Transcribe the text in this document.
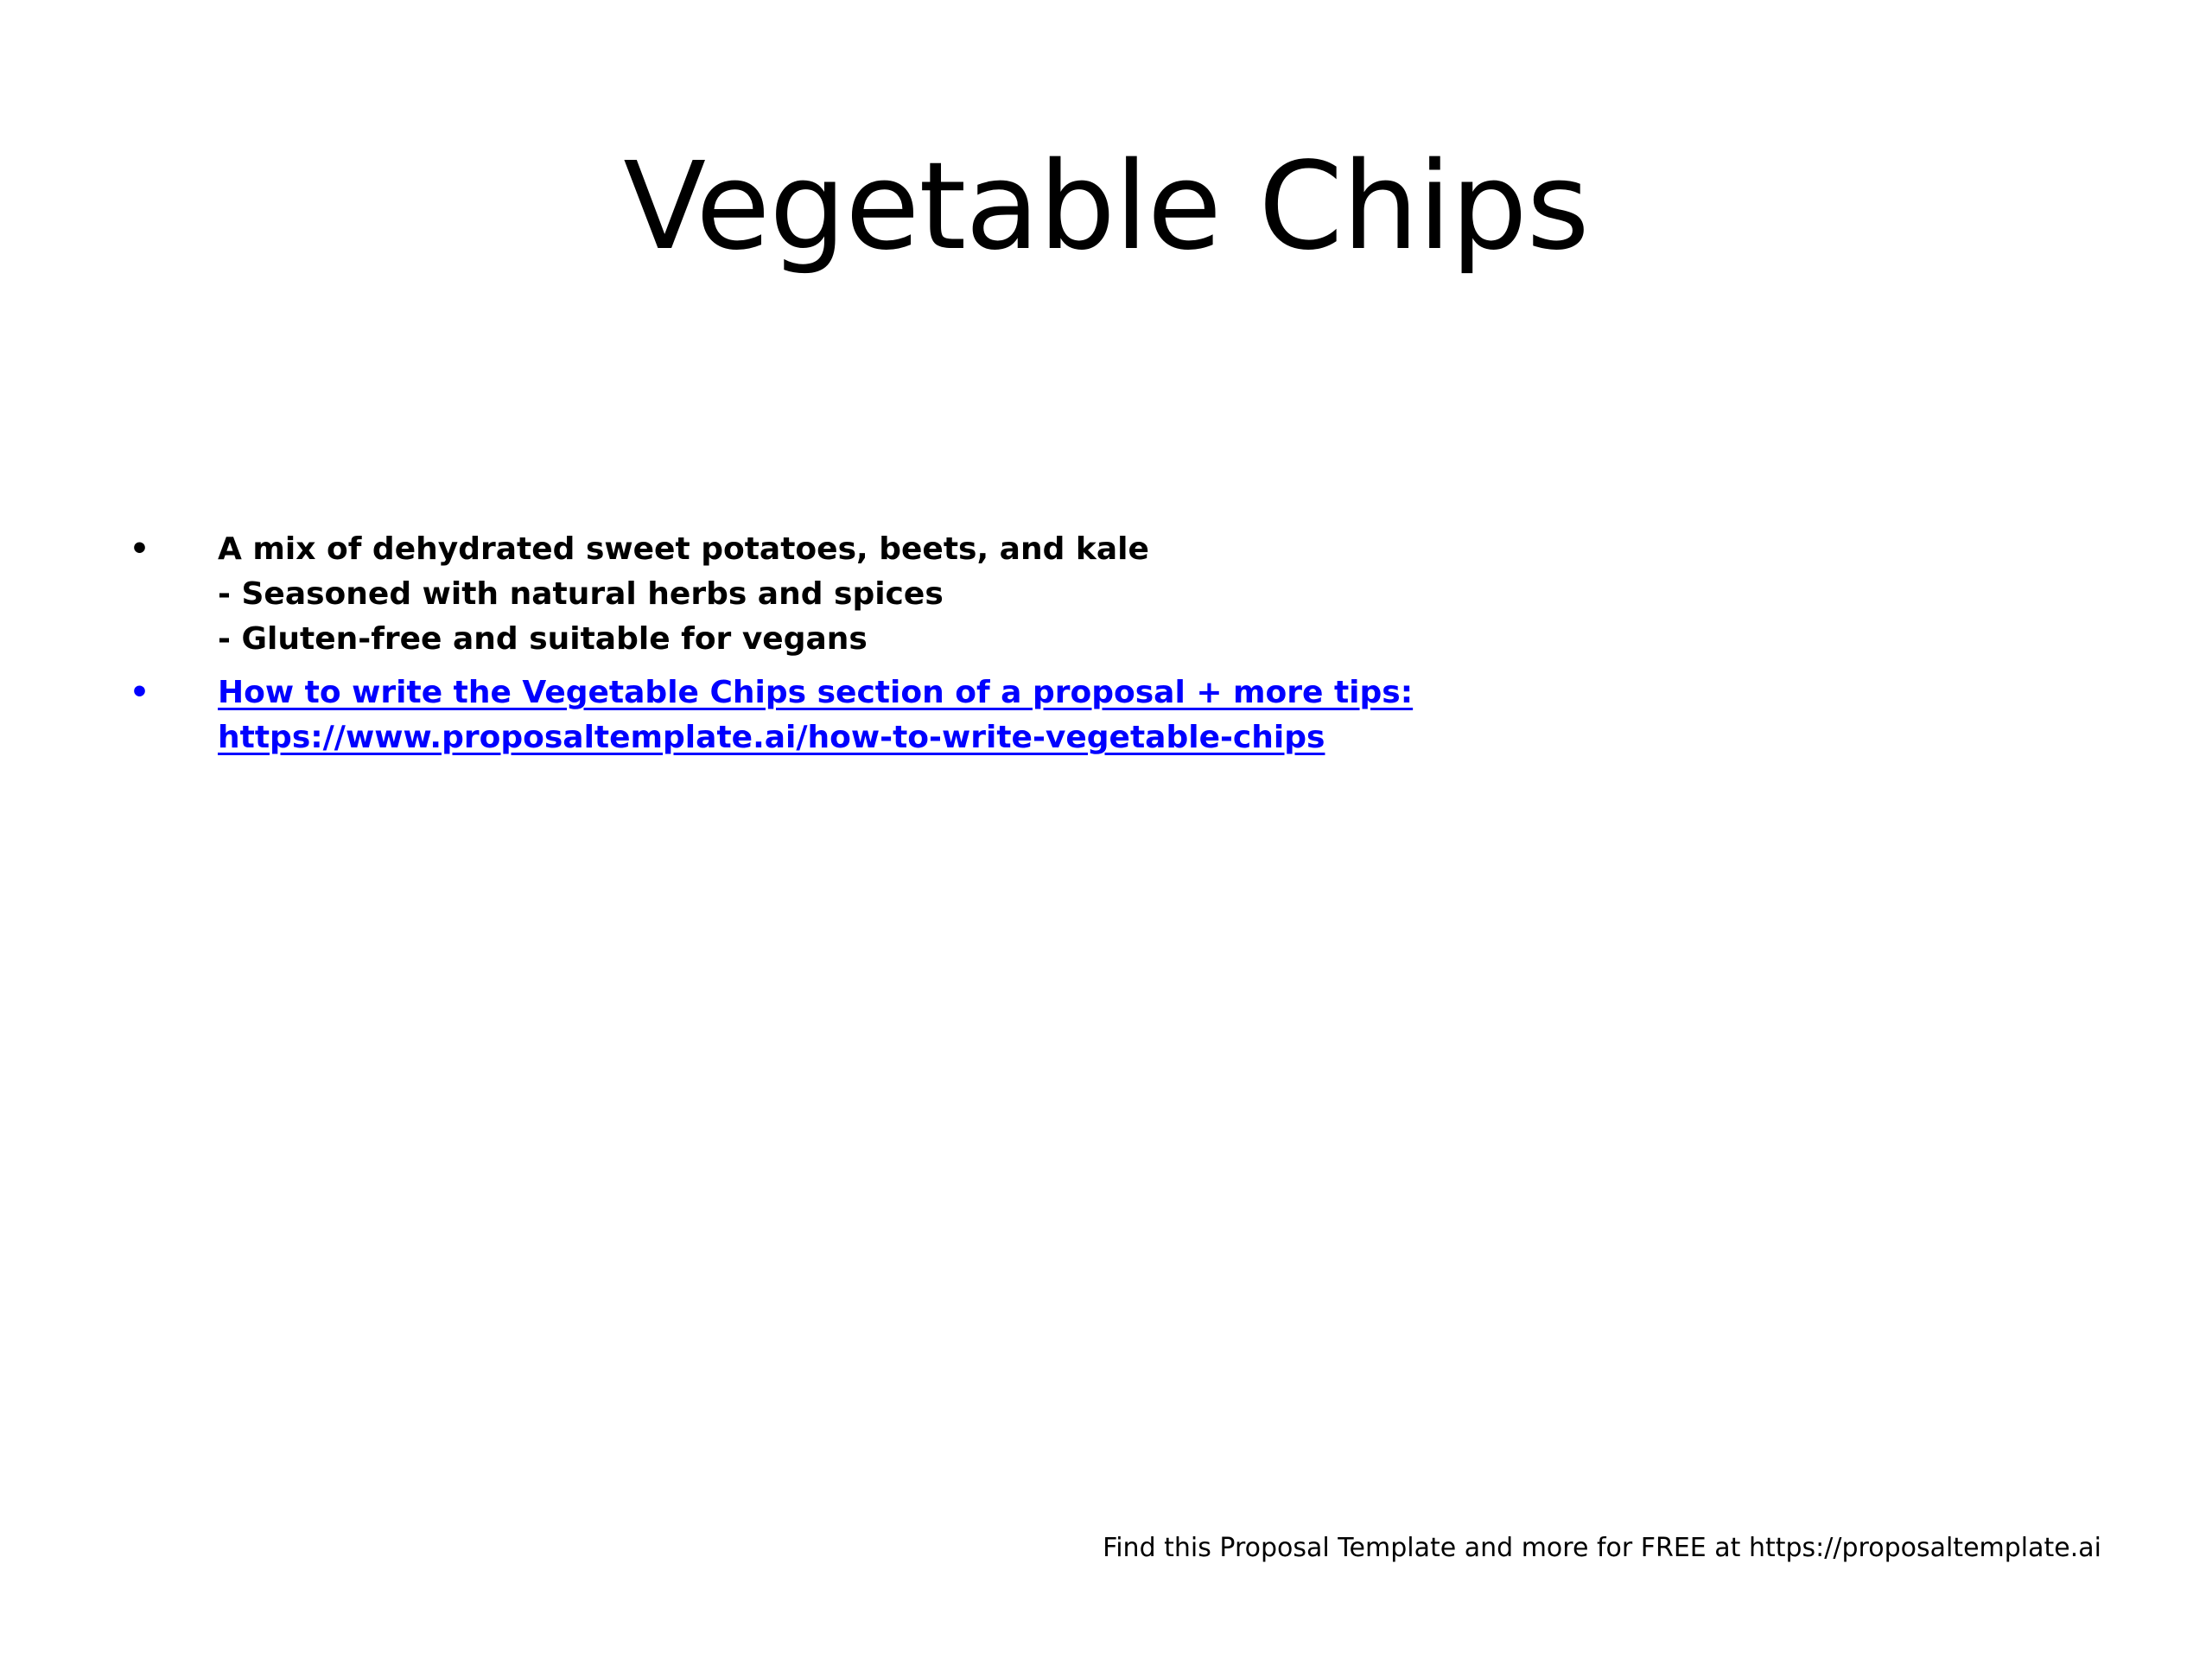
Vegetable Chips
• A mix of dehydrated sweet potatoes, beets, and kale
- Seasoned with natural herbs and spices
- Gluten-free and suitable for vegans
• How to write the Vegetable Chips section of a proposal + more tips: https://www.proposaltemplate.ai/how-to-write-vegetable-chips
Find this Proposal Template and more for FREE at https://proposaltemplate.ai
